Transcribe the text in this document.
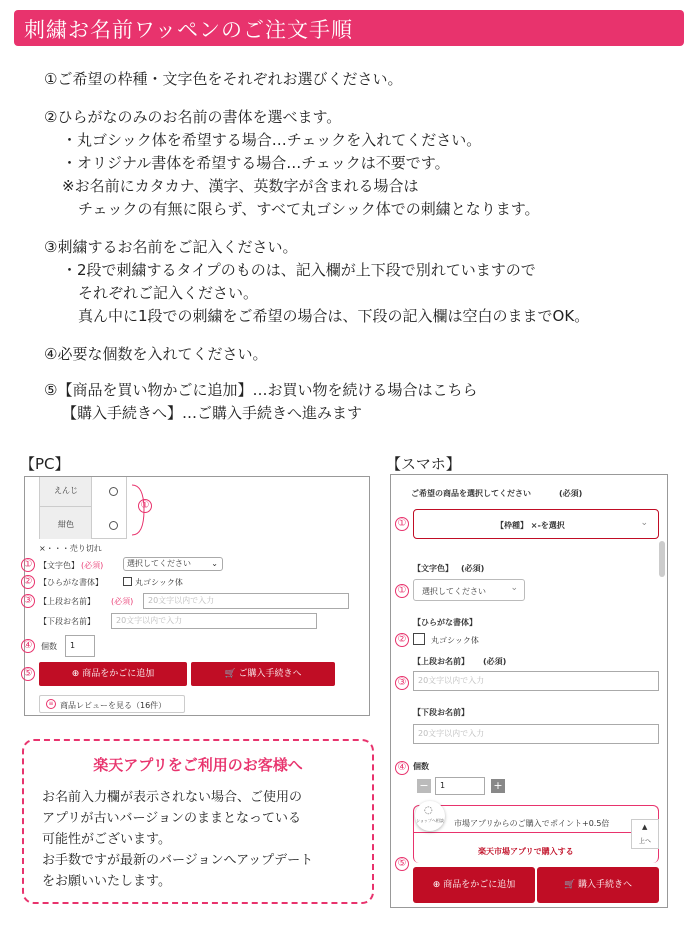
刺繍お名前ワッペンのご注文手順
①ご希望の枠種・文字色をそれぞれお選びください。
②ひらがなのみのお名前の書体を選べます。
・丸ゴシック体を希望する場合…チェックを入れてください。
・オリジナル書体を希望する場合…チェックは不要です。
※お名前にカタカナ、漢字、英数字が含まれる場合は
チェックの有無に限らず、すべて丸ゴシック体での刺繍となります。
③刺繍するお名前をご記入ください。
・2段で刺繍するタイプのものは、記入欄が上下段で別れていますので
それぞれご記入ください。
真ん中に1段での刺繍をご希望の場合は、下段の記入欄は空白のままでOK。
④必要な個数を入れてください。
⑤【商品を買い物かごに追加】…お買い物を続ける場合はこちら
【購入手続きへ】…ご購入手続きへ進みます
【PC】
えんじ
紺色
①
×・・・売り切れ
① 【文字色】 (必須)	選択してください	⌄
② 【ひらがな書体】	丸ゴシック体
③ 【上段お名前】 (必須)	20文字以内で入力
【下段お名前】	20文字以内で入力
④	個数	1
⑤	⊕ 商品をかごに追加	🛒 ご購入手続きへ
≡ 商品レビューを見る（16件）
楽天アプリをご利用のお客様へ
お名前入力欄が表示されない場合、ご使用の
アプリが古いバージョンのままとなっている
可能性がございます。
お手数ですが最新のバージョンへアップデート
をお願いいたします。
【スマホ】
ご希望の商品を選択してください	(必須)
①	【枠種】 ×-を選択	⌄
【文字色】 (必須)
①	選択してください	⌄
【ひらがな書体】
②	丸ゴシック体
【上段お名前】 (必須)
③	20文字以内で入力
【下段お名前】
20文字以内で入力
④ 個数
−	1	+
市場アプリからのご購入で ポイント+0.5倍
楽天市場アプリで購入する
◌
ショップへ相談
▲
上へ
⑤
⊕ 商品をかごに追加	🛒 購入手続きへ
